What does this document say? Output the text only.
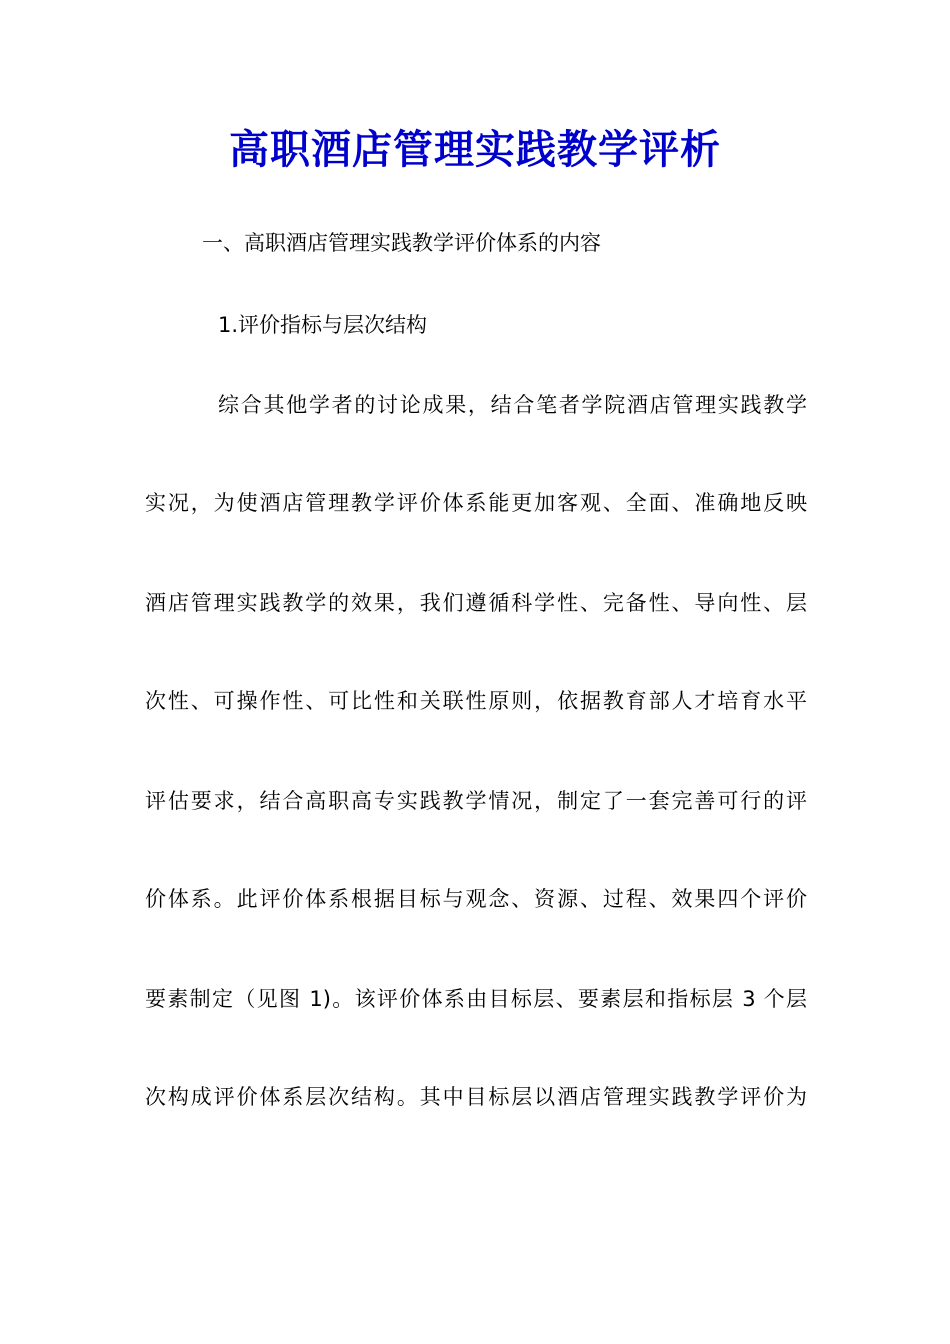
高职酒店管理实践教学评析

一、高职酒店管理实践教学评价体系的内容

1.评价指标与层次结构

综合其他学者的讨论成果，结合笔者学院酒店管理实践教学

实况，为使酒店管理教学评价体系能更加客观、全面、准确地反映

酒店管理实践教学的效果，我们遵循科学性、完备性、导向性、层

次性、可操作性、可比性和关联性原则，依据教育部人才培育水平

评估要求，结合高职高专实践教学情况，制定了一套完善可行的评

价体系。此评价体系根据目标与观念、资源、过程、效果四个评价

要素制定（见图 1)。该评价体系由目标层、要素层和指标层 3 个层

次构成评价体系层次结构。其中目标层以酒店管理实践教学评价为
